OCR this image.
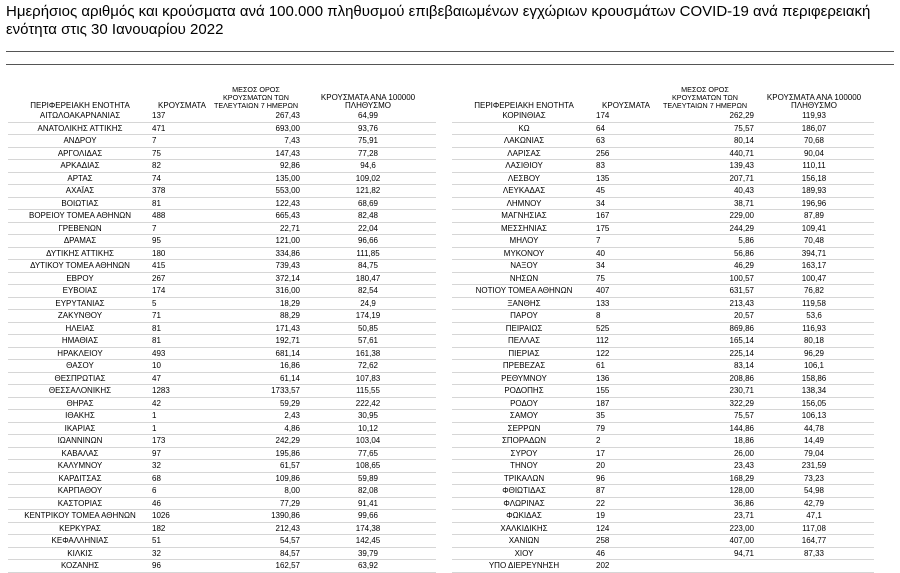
Ημερήσιος αριθμός και κρούσματα ανά 100.000 πληθυσμού επιβεβαιωμένων εγχώριων κρουσμάτων COVID-19 ανά περιφερειακή ενότητα στις 30 Ιανουαρίου 2022
ΠΕΡΙΦΕΡΕΙΑΚΗ ΕΝΟΤΗΤΑ	ΚΡΟΥΣΜΑΤΑ	ΜΕΣΟΣ ΟΡΟΣ ΚΡΟΥΣΜΑΤΩΝ ΤΩΝ ΤΕΛΕΥΤΑΙΩΝ 7 ΗΜΕΡΩΝ	ΚΡΟΥΣΜΑΤΑ ΑΝΑ 100000 ΠΛΗΘΥΣΜΟ
ΑΙΤΩΛΟΑΚΑΡΝΑΝΙΑΣ	137	267,43	64,99
ΑΝΑΤΟΛΙΚΗΣ ΑΤΤΙΚΗΣ	471	693,00	93,76
ΑΝΔΡΟΥ	7	7,43	75,91
ΑΡΓΟΛΙΔΑΣ	75	147,43	77,28
ΑΡΚΑΔΙΑΣ	82	92,86	94,6
ΑΡΤΑΣ	74	135,00	109,02
ΑΧΑΪΑΣ	378	553,00	121,82
ΒΟΙΩΤΙΑΣ	81	122,43	68,69
ΒΟΡΕΙΟΥ ΤΟΜΕΑ ΑΘΗΝΩΝ	488	665,43	82,48
ΓΡΕΒΕΝΩΝ	7	22,71	22,04
ΔΡΑΜΑΣ	95	121,00	96,66
ΔΥΤΙΚΗΣ ΑΤΤΙΚΗΣ	180	334,86	111,85
ΔΥΤΙΚΟΥ ΤΟΜΕΑ ΑΘΗΝΩΝ	415	739,43	84,75
ΕΒΡΟΥ	267	372,14	180,47
ΕΥΒΟΙΑΣ	174	316,00	82,54
ΕΥΡΥΤΑΝΙΑΣ	5	18,29	24,9
ΖΑΚΥΝΘΟΥ	71	88,29	174,19
ΗΛΕΙΑΣ	81	171,43	50,85
ΗΜΑΘΙΑΣ	81	192,71	57,61
ΗΡΑΚΛΕΙΟΥ	493	681,14	161,38
ΘΑΣΟΥ	10	16,86	72,62
ΘΕΣΠΡΩΤΙΑΣ	47	61,14	107,83
ΘΕΣΣΑΛΟΝΙΚΗΣ	1283	1733,57	115,55
ΘΗΡΑΣ	42	59,29	222,42
ΙΘΑΚΗΣ	1	2,43	30,95
ΙΚΑΡΙΑΣ	1	4,86	10,12
ΙΩΑΝΝΙΝΩΝ	173	242,29	103,04
ΚΑΒΑΛΑΣ	97	195,86	77,65
ΚΑΛΥΜΝΟΥ	32	61,57	108,65
ΚΑΡΔΙΤΣΑΣ	68	109,86	59,89
ΚΑΡΠΑΘΟΥ	6	8,00	82,08
ΚΑΣΤΟΡΙΑΣ	46	77,29	91,41
ΚΕΝΤΡΙΚΟΥ ΤΟΜΕΑ ΑΘΗΝΩΝ	1026	1390,86	99,66
ΚΕΡΚΥΡΑΣ	182	212,43	174,38
ΚΕΦΑΛΛΗΝΙΑΣ	51	54,57	142,45
ΚΙΛΚΙΣ	32	84,57	39,79
ΚΟΖΑΝΗΣ	96	162,57	63,92
ΠΕΡΙΦΕΡΕΙΑΚΗ ΕΝΟΤΗΤΑ	ΚΡΟΥΣΜΑΤΑ	ΜΕΣΟΣ ΟΡΟΣ ΚΡΟΥΣΜΑΤΩΝ ΤΩΝ ΤΕΛΕΥΤΑΙΩΝ 7 ΗΜΕΡΩΝ	ΚΡΟΥΣΜΑΤΑ ΑΝΑ 100000 ΠΛΗΘΥΣΜΟ
ΚΟΡΙΝΘΙΑΣ	174	262,29	119,93
ΚΩ	64	75,57	186,07
ΛΑΚΩΝΙΑΣ	63	80,14	70,68
ΛΑΡΙΣΑΣ	256	440,71	90,04
ΛΑΣΙΘΙΟΥ	83	139,43	110,11
ΛΕΣΒΟΥ	135	207,71	156,18
ΛΕΥΚΑΔΑΣ	45	40,43	189,93
ΛΗΜΝΟΥ	34	38,71	196,96
ΜΑΓΝΗΣΙΑΣ	167	229,00	87,89
ΜΕΣΣΗΝΙΑΣ	175	244,29	109,41
ΜΗΛΟΥ	7	5,86	70,48
ΜΥΚΟΝΟΥ	40	56,86	394,71
ΝΑΞΟΥ	34	46,29	163,17
ΝΗΣΩΝ	75	100,57	100,47
ΝΟΤΙΟΥ ΤΟΜΕΑ ΑΘΗΝΩΝ	407	631,57	76,82
ΞΑΝΘΗΣ	133	213,43	119,58
ΠΑΡΟΥ	8	20,57	53,6
ΠΕΙΡΑΙΩΣ	525	869,86	116,93
ΠΕΛΛΑΣ	112	165,14	80,18
ΠΙΕΡΙΑΣ	122	225,14	96,29
ΠΡΕΒΕΖΑΣ	61	83,14	106,1
ΡΕΘΥΜΝΟΥ	136	208,86	158,86
ΡΟΔΟΠΗΣ	155	230,71	138,34
ΡΟΔΟΥ	187	322,29	156,05
ΣΑΜΟΥ	35	75,57	106,13
ΣΕΡΡΩΝ	79	144,86	44,78
ΣΠΟΡΑΔΩΝ	2	18,86	14,49
ΣΥΡΟΥ	17	26,00	79,04
ΤΗΝΟΥ	20	23,43	231,59
ΤΡΙΚΑΛΩΝ	96	168,29	73,23
ΦΘΙΩΤΙΔΑΣ	87	128,00	54,98
ΦΛΩΡΙΝΑΣ	22	36,86	42,79
ΦΩΚΙΔΑΣ	19	23,71	47,1
ΧΑΛΚΙΔΙΚΗΣ	124	223,00	117,08
ΧΑΝΙΩΝ	258	407,00	164,77
ΧΙΟΥ	46	94,71	87,33
ΥΠΟ ΔΙΕΡΕΥΝΗΣΗ	202		
